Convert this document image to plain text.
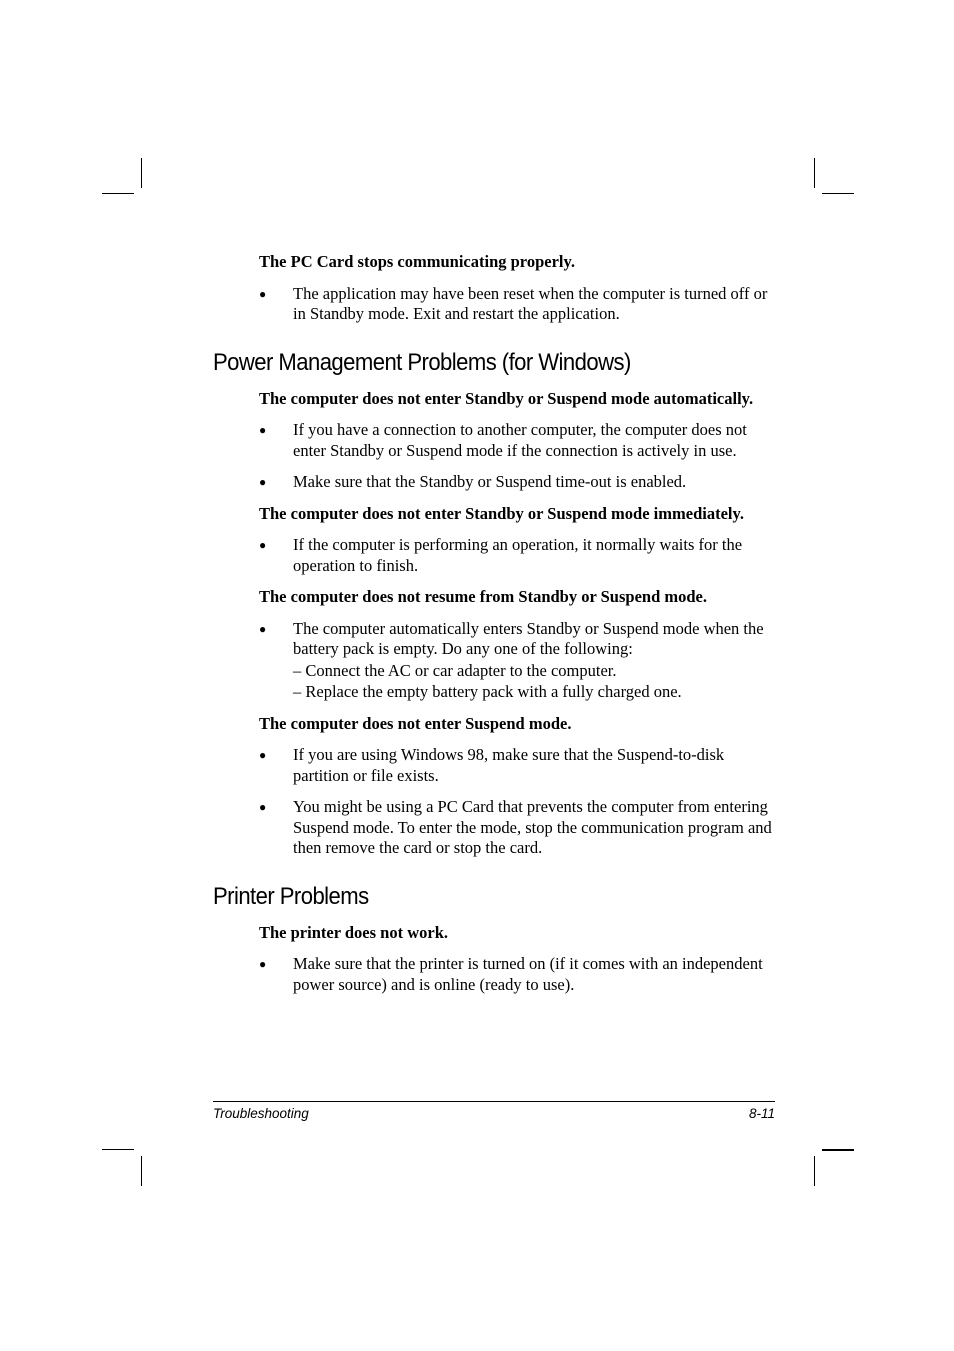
The PC Card stops communicating properly.

● The application may have been reset when the computer is turned off or in Standby mode. Exit and restart the application.
Power Management Problems (for Windows)

The computer does not enter Standby or Suspend mode automatically.

● If you have a connection to another computer, the computer does not enter Standby or Suspend mode if the connection is actively in use.
● Make sure that the Standby or Suspend time-out is enabled.

The computer does not enter Standby or Suspend mode immediately.

● If the computer is performing an operation, it normally waits for the operation to finish.

The computer does not resume from Standby or Suspend mode.

● The computer automatically enters Standby or Suspend mode when the battery pack is empty. Do any one of the following:
– Connect the AC or car adapter to the computer.
– Replace the empty battery pack with a fully charged one.

The computer does not enter Suspend mode.

● If you are using Windows 98, make sure that the Suspend-to-disk partition or file exists.
● You might be using a PC Card that prevents the computer from entering Suspend mode. To enter the mode, stop the communication program and then remove the card or stop the card.
Printer Problems

The printer does not work.

● Make sure that the printer is turned on (if it comes with an independent power source) and is online (ready to use).
Troubleshooting	8-11
